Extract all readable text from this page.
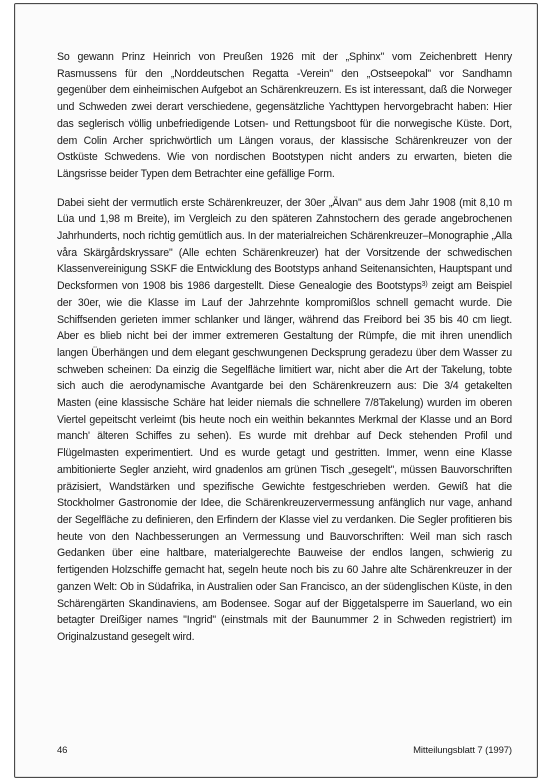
So gewann Prinz Heinrich von Preußen 1926 mit der „Sphinx" vom Zeichenbrett Henry Rasmussens für den „Norddeutschen Regatta -Verein" den „Ostseepokal" vor Sandhamn gegenüber dem einheimischen Aufgebot an Schärenkreuzern. Es ist interessant, daß die Norweger und Schweden zwei derart verschiedene, gegensätzliche Yachttypen hervorgebracht haben: Hier das seglerisch völlig unbefriedigende Lotsen- und Rettungsboot für die norwegische Küste. Dort, dem Colin Archer sprichwörtlich um Längen voraus, der klassische Schärenkreuzer von der Ostküste Schwedens. Wie von nordischen Bootstypen nicht anders zu erwarten, bieten die Längsrisse beider Typen dem Betrachter eine gefällige Form.

Dabei sieht der vermutlich erste Schärenkreuzer, der 30er „Älvan" aus dem Jahr 1908 (mit 8,10 m Lüa und 1,98 m Breite), im Vergleich zu den späteren Zahnstochern des gerade angebrochenen Jahrhunderts, noch richtig gemütlich aus. In der materialreichen Schärenkreuzer–Monographie „Alla våra Skärgårdskryssare" (Alle echten Schärenkreuzer) hat der Vorsitzende der schwedischen Klassenvereinigung SSKF die Entwicklung des Bootstyps anhand Seitenansichten, Hauptspant und Decksformen von 1908 bis 1986 dargestellt. Diese Genealogie des Bootstyps$^{3)}$ zeigt am Beispiel der 30er, wie die Klasse im Lauf der Jahrzehnte kompromißlos schnell gemacht wurde. Die Schiffsenden gerieten immer schlanker und länger, während das Freibord bei 35 bis 40 cm liegt. Aber es blieb nicht bei der immer extremeren Gestaltung der Rümpfe, die mit ihren unendlich langen Überhängen und dem elegant geschwungenen Decksprung geradezu über dem Wasser zu schweben scheinen: Da einzig die Segelfläche limitiert war, nicht aber die Art der Takelung, tobte sich auch die aerodynamische Avantgarde bei den Schärenkreuzern aus: Die 3/4 getakelten Masten (eine klassische Schäre hat leider niemals die schnellere 7/8Takelung) wurden im oberen Viertel gepeitscht verleimt (bis heute noch ein weithin bekanntes Merkmal der Klasse und an Bord manch' älteren Schiffes zu sehen). Es wurde mit drehbar auf Deck stehenden Profil und Flügelmasten experimentiert. Und es wurde getagt und gestritten. Immer, wenn eine Klasse ambitionierte Segler anzieht, wird gnadenlos am grünen Tisch „gesegelt", müssen Bauvorschriften präzisiert, Wandstärken und spezifische Gewichte festgeschrieben werden. Gewiß hat die Stockholmer Gastronomie der Idee, die Schärenkreuzervermessung anfänglich nur vage, anhand der Segelfläche zu definieren, den Erfindern der Klasse viel zu verdanken. Die Segler profitieren bis heute von den Nachbesserungen an Vermessung und Bauvorschriften: Weil man sich rasch Gedanken über eine haltbare, materialgerechte Bauweise der endlos langen, schwierig zu fertigenden Holzschiffe gemacht hat, segeln heute noch bis zu 60 Jahre alte Schärenkreuzer in der ganzen Welt: Ob in Südafrika, in Australien oder San Francisco, an der südenglischen Küste, in den Schärengärten Skandinaviens, am Bodensee. Sogar auf der Biggetalsperre im Sauerland, wo ein betagter Dreißiger names "Ingrid" (einstmals mit der Baunummer 2 in Schweden registriert) im Originalzustand gesegelt wird.

46	Mitteilungsblatt 7 (1997)
